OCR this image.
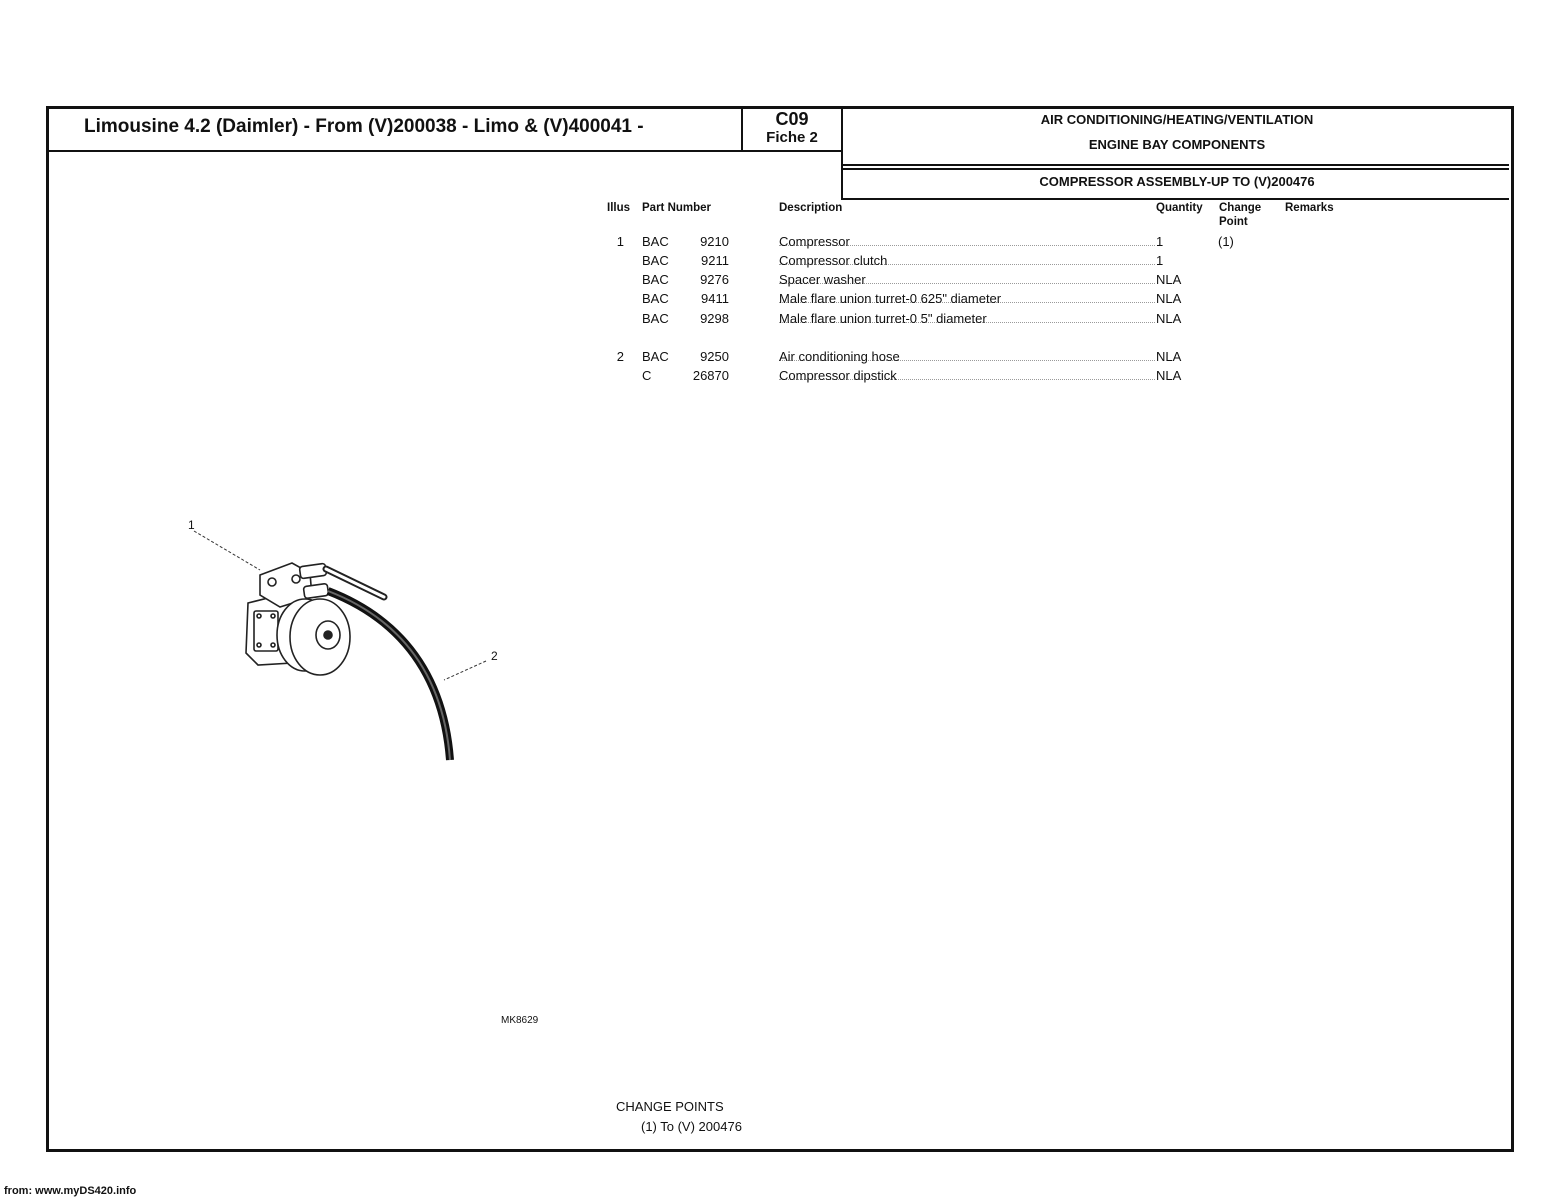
Limousine 4.2 (Daimler) - From (V)200038 - Limo & (V)400041 -	C09
Fiche 2
AIR CONDITIONING/HEATING/VENTILATION
ENGINE BAY COMPONENTS
COMPRESSOR ASSEMBLY-UP TO (V)200476
Illus Part Number	Description	Quantity Change
Point
Remarks
1 BAC	9210	Compressor	1	(1)
BAC	9211	Compressor clutch	1
BAC	9276	Spacer washer	NLA
BAC	9411	Male flare union turret-0 625" diameter	NLA
BAC	9298	Male flare union turret-0 5" diameter	NLA
2 BAC	9250	Air conditioning hose	NLA
C	26870	Compressor dipstick	NLA
1
2
MK8629
CHANGE POINTS
(1) To (V) 200476
from: www.myDS420.info
